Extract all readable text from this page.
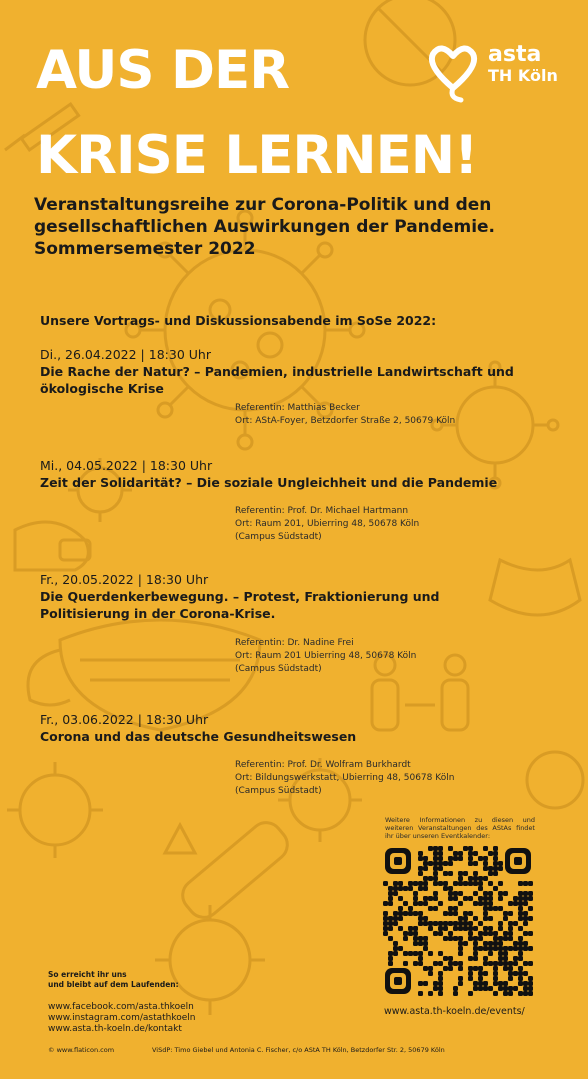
asta
TH Köln
AUS DER
KRISE LERNEN!
Veranstaltungsreihe zur Corona-Politik und den
gesellschaftlichen Auswirkungen der Pandemie.
Sommersemester 2022
Unsere Vortrags- und Diskussionsabende im SoSe 2022:
Di., 26.04.2022 | 18:30 Uhr
Die Rache der Natur? – Pandemien, industrielle Landwirtschaft und
ökologische Krise
Referentin: Matthias Becker
Ort: AStA-Foyer, Betzdorfer Straße 2, 50679 Köln
Mi., 04.05.2022 | 18:30 Uhr
Zeit der Solidarität? – Die soziale Ungleichheit und die Pandemie
Referentin: Prof. Dr. Michael Hartmann
Ort: Raum 201, Ubierring 48, 50678 Köln
(Campus Südstadt)
Fr., 20.05.2022 | 18:30 Uhr
Die Querdenkerbewegung. – Protest, Fraktionierung und
Politisierung in der Corona-Krise.
Referentin: Dr. Nadine Frei
Ort: Raum 201 Ubierring 48, 50678 Köln
(Campus Südstadt)
Fr., 03.06.2022 | 18:30 Uhr
Corona und das deutsche Gesundheitswesen
Referentin: Prof. Dr. Wolfram Burkhardt
Ort: Bildungswerkstatt, Ubierring 48, 50678 Köln
(Campus Südstadt)
Weitere Informationen zu diesen und weiteren Veranstaltungen des AStAs findet ihr über unseren Eventkalender:
www.asta.th-koeln.de/events/
So erreicht ihr uns
und bleibt auf dem Laufenden:
www.facebook.com/asta.thkoeln
www.instagram.com/astathkoeln
www.asta.th-koeln.de/kontakt
© www.flaticon.com	ViSdP: Timo Giebel und Antonia C. Fischer, c/o AStA TH Köln, Betzdorfer Str. 2, 50679 Köln
